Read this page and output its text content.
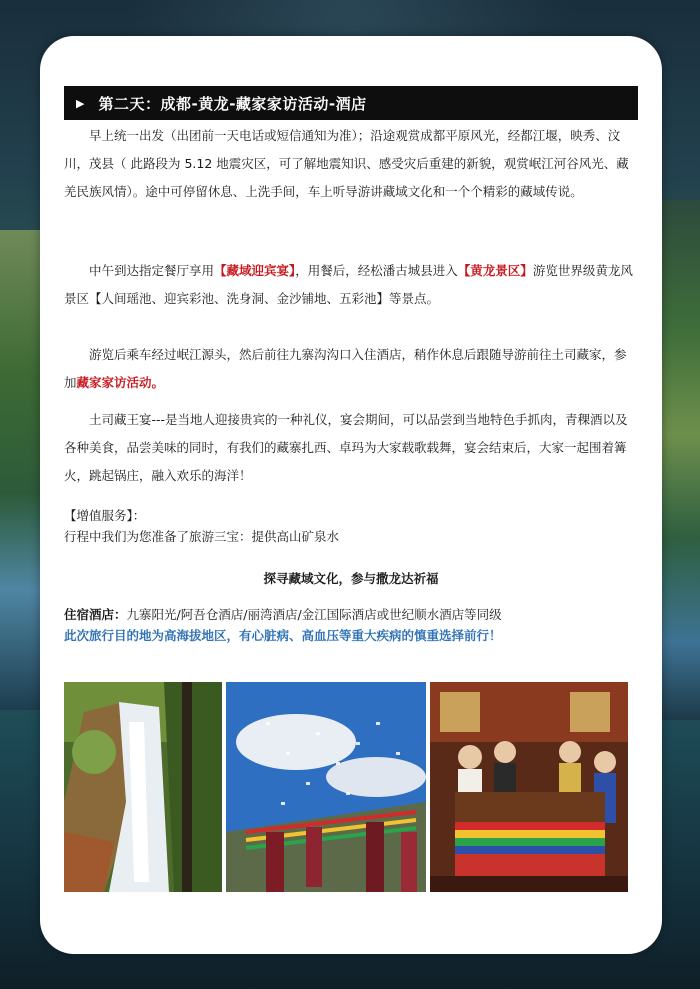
▶ 第二天：成都-黄龙-藏家家访活动-酒店

早上统一出发（出团前一天电话或短信通知为准）；沿途观赏成都平原风光，经都江堰，映秀、汶川，茂县（ 此路段为 5.12 地震灾区，可了解地震知识、感受灾后重建的新貌，观赏岷江河谷风光、藏羌民族风情）。途中可停留休息、上洗手间，车上听导游讲藏域文化和一个个精彩的藏域传说。

中午到达指定餐厅享用【藏域迎宾宴】，用餐后，经松潘古城县进入【黄龙景区】游览世界级黄龙风景区【人间瑶池、迎宾彩池、洗身洞、金沙铺地、五彩池】等景点。

游览后乘车经过岷江源头，然后前往九寨沟沟口入住酒店，稍作休息后跟随导游前往土司藏家，参加藏家家访活动。

土司藏王宴---是当地人迎接贵宾的一种礼仪，宴会期间，可以品尝到当地特色手抓肉，青稞酒以及各种美食，品尝美味的同时，有我们的藏寨扎西、卓玛为大家载歌载舞，宴会结束后，大家一起围着篝火，跳起锅庄，融入欢乐的海洋！

【增值服务】：
行程中我们为您准备了旅游三宝：提供高山矿泉水

探寻藏域文化，参与撒龙达祈福

住宿酒店：九寨阳光/阿吾仓酒店/丽湾酒店/金江国际酒店或世纪顺水酒店等同级
此次旅行目的地为高海拔地区，有心脏病、高血压等重大疾病的慎重选择前行！
